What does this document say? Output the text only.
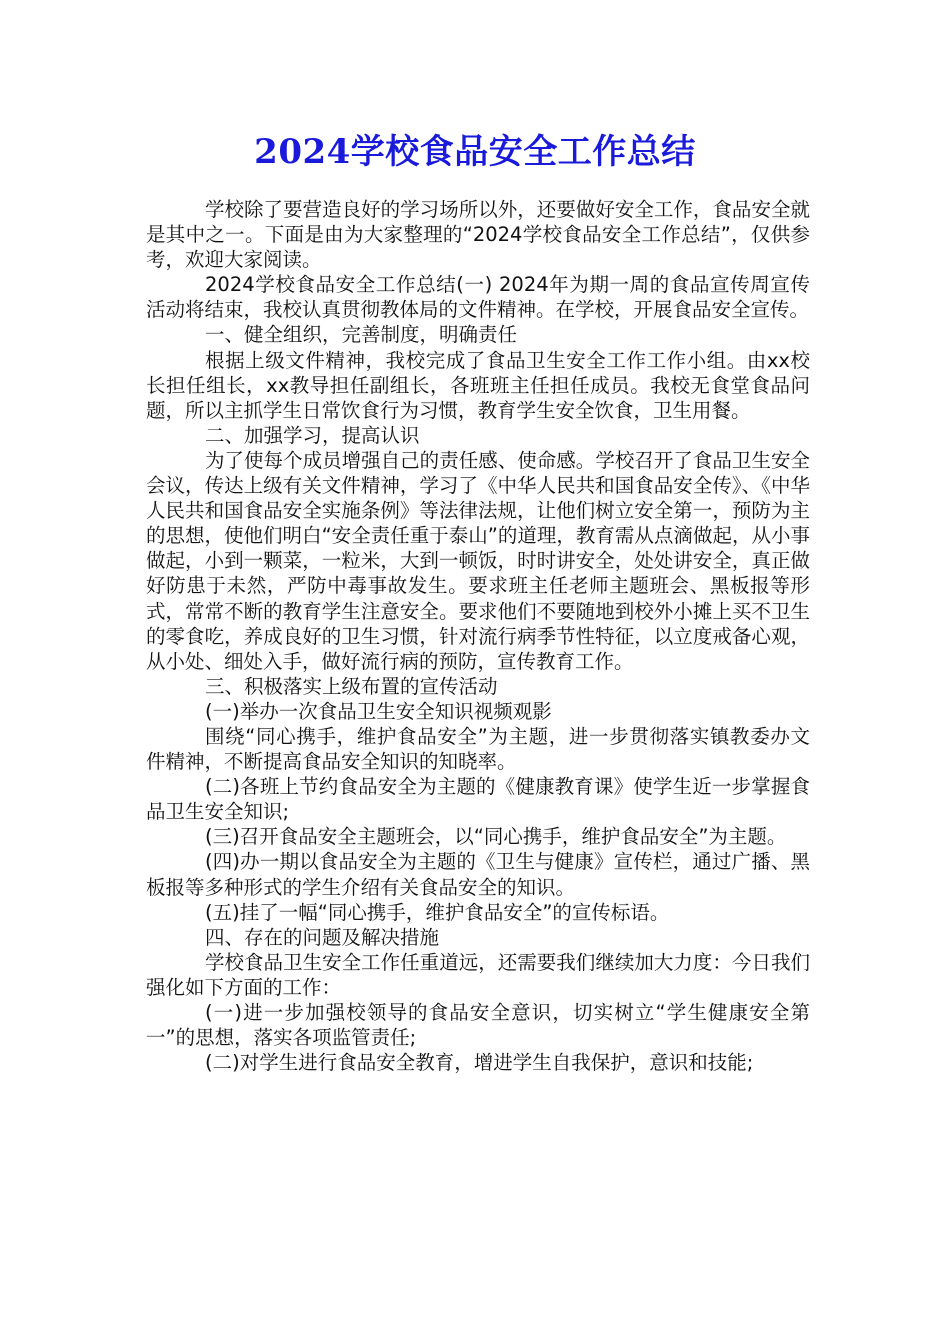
2024学校食品安全工作总结

学校除了要营造良好的学习场所以外，还要做好安全工作，食品安全就是其中之一。下面是由为大家整理的“2024学校食品安全工作总结”，仅供参考，欢迎大家阅读。

2024学校食品安全工作总结(一) 2024年为期一周的食品宣传周宣传活动将结束，我校认真贯彻教体局的文件精神。在学校，开展食品安全宣传。

一、健全组织，完善制度，明确责任

根据上级文件精神，我校完成了食品卫生安全工作工作小组。由xx校长担任组长，xx教导担任副组长，各班班主任担任成员。我校无食堂食品问题，所以主抓学生日常饮食行为习惯，教育学生安全饮食，卫生用餐。

二、加强学习，提高认识

为了使每个成员增强自己的责任感、使命感。学校召开了食品卫生安全会议，传达上级有关文件精神，学习了《中华人民共和国食品安全传》、《中华人民共和国食品安全实施条例》等法律法规，让他们树立安全第一，预防为主的思想，使他们明白“安全责任重于泰山”的道理，教育需从点滴做起，从小事做起，小到一颗菜，一粒米，大到一顿饭，时时讲安全，处处讲安全，真正做好防患于未然，严防中毒事故发生。要求班主任老师主题班会、黑板报等形式，常常不断的教育学生注意安全。要求他们不要随地到校外小摊上买不卫生的零食吃，养成良好的卫生习惯，针对流行病季节性特征，以立度戒备心观，从小处、细处入手，做好流行病的预防，宣传教育工作。

三、积极落实上级布置的宣传活动

(一)举办一次食品卫生安全知识视频观影

围绕“同心携手，维护食品安全”为主题，进一步贯彻落实镇教委办文件精神，不断提高食品安全知识的知晓率。

(二)各班上节约食品安全为主题的《健康教育课》使学生近一步掌握食品卫生安全知识;

(三)召开食品安全主题班会，以“同心携手，维护食品安全”为主题。

(四)办一期以食品安全为主题的《卫生与健康》宣传栏，通过广播、黑板报等多种形式的学生介绍有关食品安全的知识。

(五)挂了一幅“同心携手，维护食品安全”的宣传标语。

四、存在的问题及解决措施

学校食品卫生安全工作任重道远，还需要我们继续加大力度：今日我们强化如下方面的工作：

(一)进一步加强校领导的食品安全意识，切实树立“学生健康安全第一”的思想，落实各项监管责任;

(二)对学生进行食品安全教育，增进学生自我保护，意识和技能;
